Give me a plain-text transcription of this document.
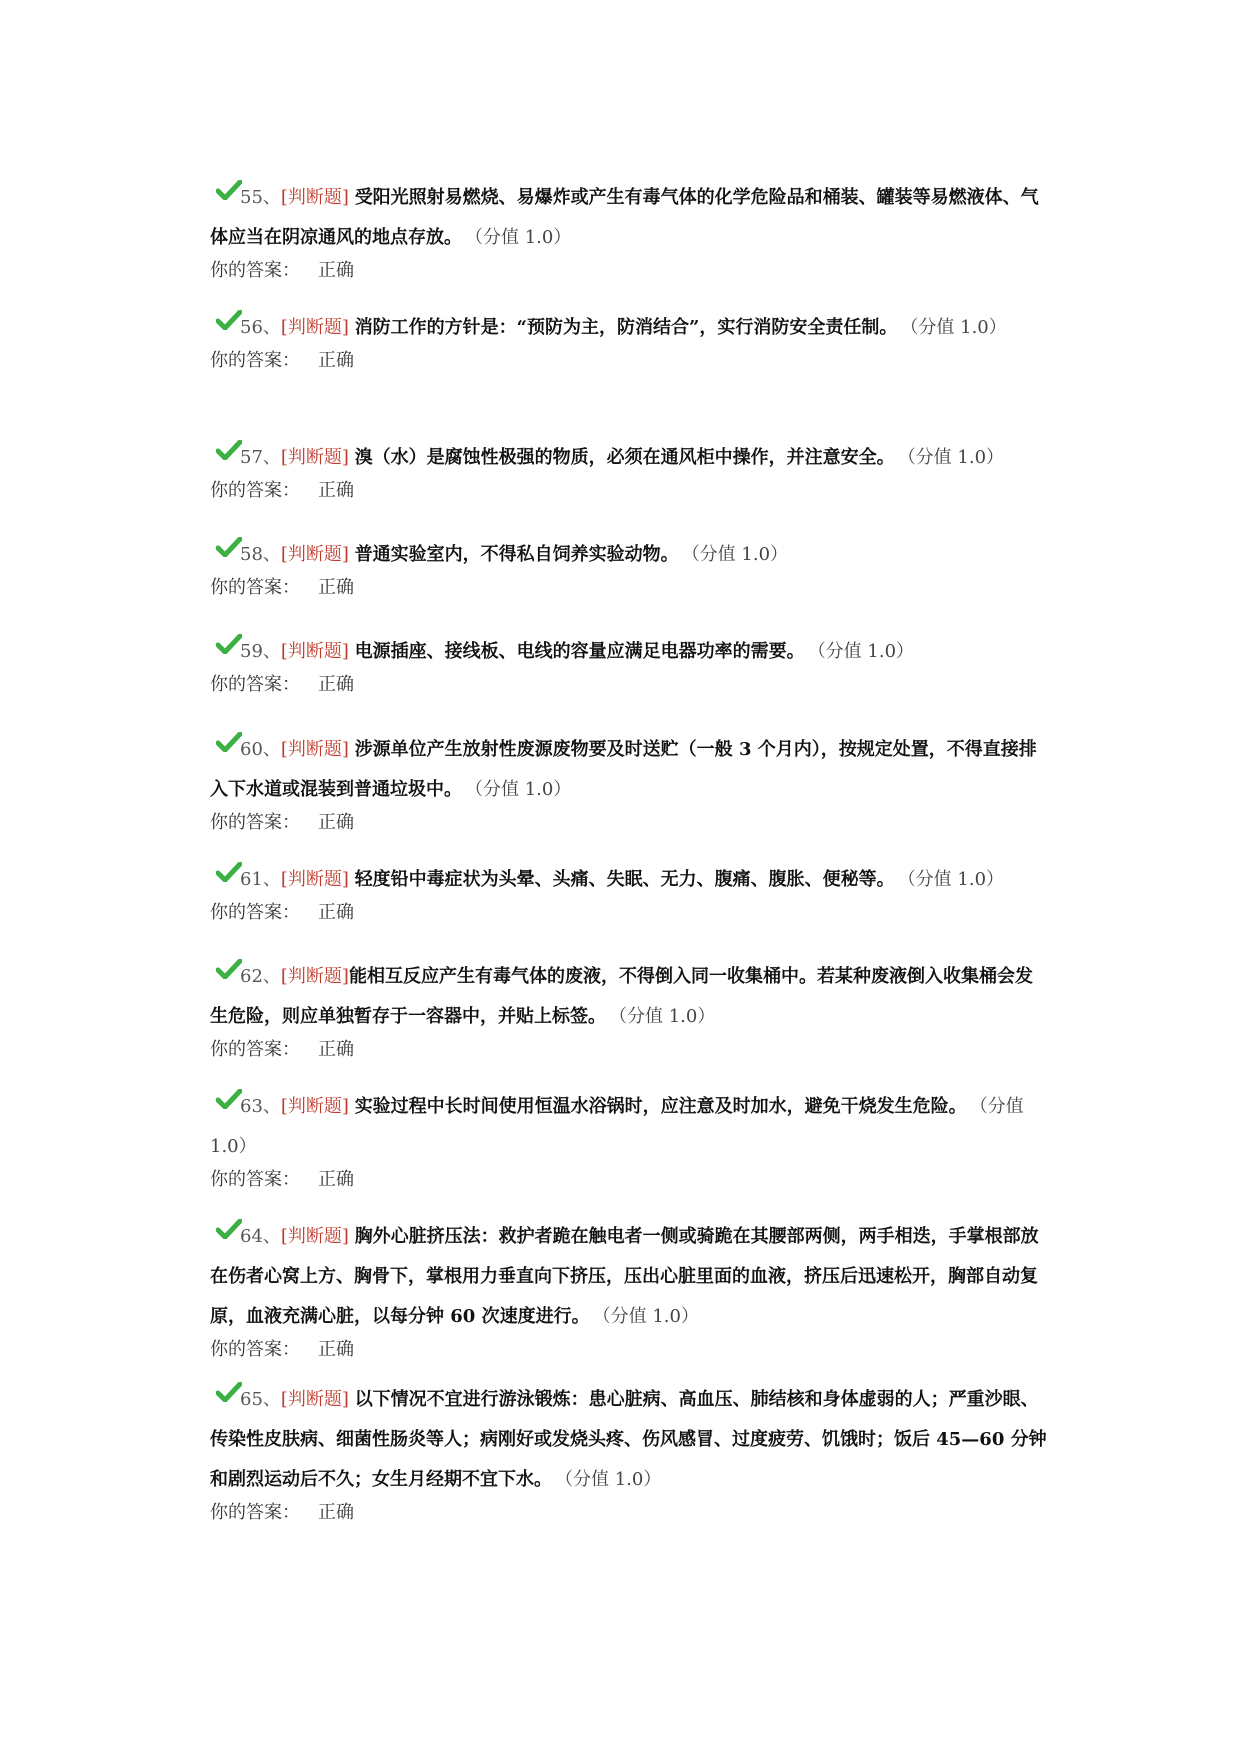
55、[判断题] 受阳光照射易燃烧、易爆炸或产生有毒气体的化学危险品和桶装、罐装等易燃液体、气体应当在阴凉通风的地点存放。 （分值 1.0）
你的答案： 正确
56、[判断题] 消防工作的方针是：“预防为主，防消结合”，实行消防安全责任制。 （分值 1.0）
你的答案： 正确
57、[判断题] 溴（水）是腐蚀性极强的物质，必须在通风柜中操作，并注意安全。 （分值 1.0）
你的答案： 正确
58、[判断题] 普通实验室内，不得私自饲养实验动物。 （分值 1.0）
你的答案： 正确
59、[判断题] 电源插座、接线板、电线的容量应满足电器功率的需要。 （分值 1.0）
你的答案： 正确
60、[判断题] 涉源单位产生放射性废源废物要及时送贮（一般 3 个月内），按规定处置，不得直接排入下水道或混装到普通垃圾中。 （分值 1.0）
你的答案： 正确
61、[判断题] 轻度铅中毒症状为头晕、头痛、失眠、无力、腹痛、腹胀、便秘等。 （分值 1.0）
你的答案： 正确
62、[判断题]能相互反应产生有毒气体的废液，不得倒入同一收集桶中。若某种废液倒入收集桶会发生危险，则应单独暂存于一容器中，并贴上标签。 （分值 1.0）
你的答案： 正确
63、[判断题] 实验过程中长时间使用恒温水浴锅时，应注意及时加水，避免干烧发生危险。 （分值 1.0）
你的答案： 正确
64、[判断题] 胸外心脏挤压法：救护者跪在触电者一侧或骑跪在其腰部两侧，两手相迭，手掌根部放在伤者心窝上方、胸骨下，掌根用力垂直向下挤压，压出心脏里面的血液，挤压后迅速松开，胸部自动复原，血液充满心脏，以每分钟 60 次速度进行。 （分值 1.0）
你的答案： 正确
65、[判断题] 以下情况不宜进行游泳锻炼：患心脏病、高血压、肺结核和身体虚弱的人；严重沙眼、传染性皮肤病、细菌性肠炎等人；病刚好或发烧头疼、伤风感冒、过度疲劳、饥饿时；饭后 45—60 分钟和剧烈运动后不久；女生月经期不宜下水。 （分值 1.0）
你的答案： 正确
